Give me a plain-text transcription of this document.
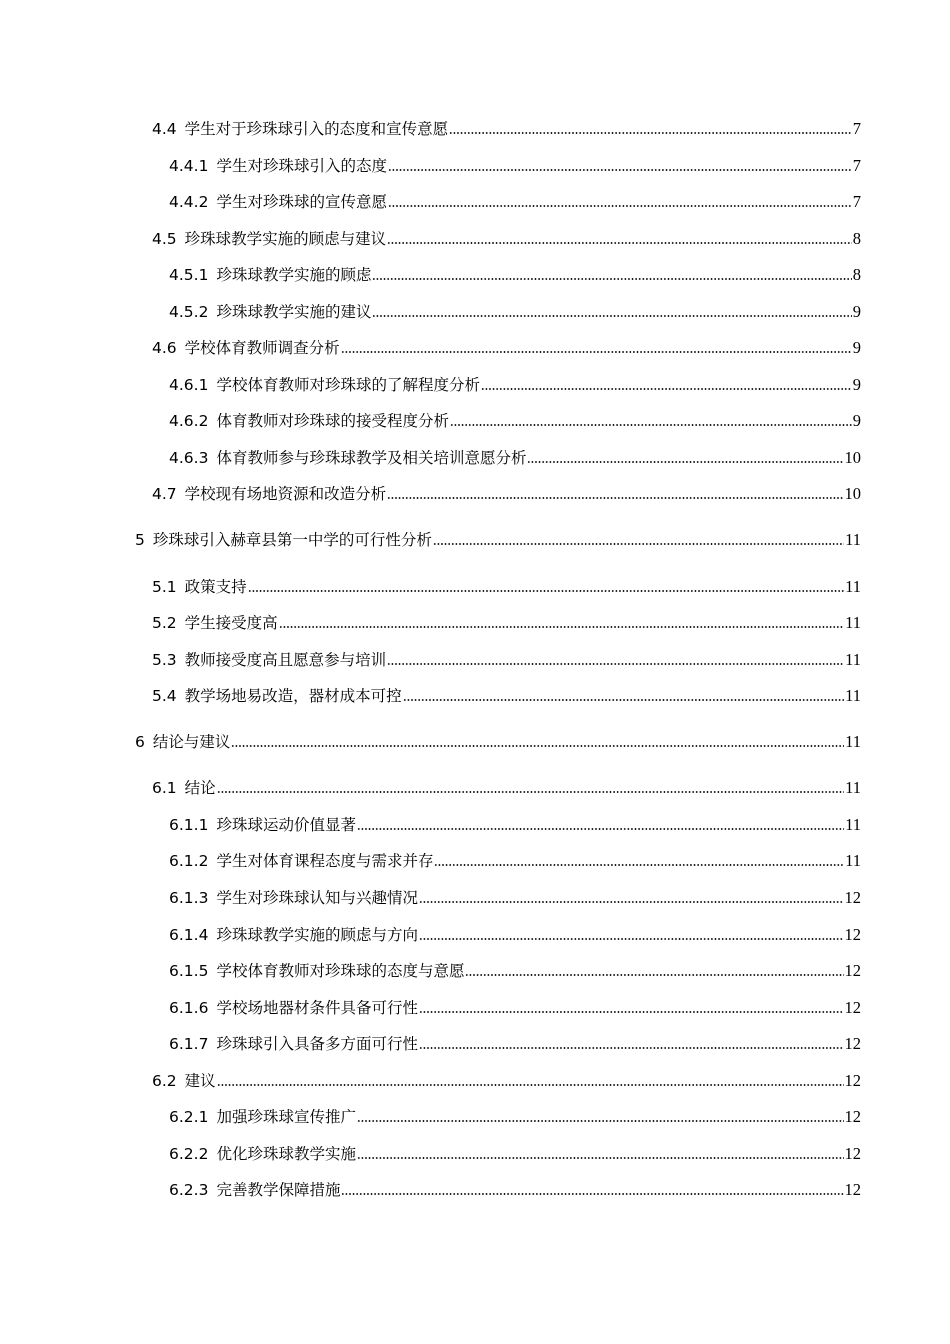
4.4 学生对于珍珠球引入的态度和宣传意愿	7
4.4.1 学生对珍珠球引入的态度	7
4.4.2 学生对珍珠球的宣传意愿	7
4.5 珍珠球教学实施的顾虑与建议	8
4.5.1 珍珠球教学实施的顾虑	8
4.5.2 珍珠球教学实施的建议	9
4.6 学校体育教师调查分析	9
4.6.1 学校体育教师对珍珠球的了解程度分析	9
4.6.2 体育教师对珍珠球的接受程度分析	9
4.6.3 体育教师参与珍珠球教学及相关培训意愿分析	10
4.7 学校现有场地资源和改造分析	10
5 珍珠球引入赫章县第一中学的可行性分析	11
5.1 政策支持	11
5.2 学生接受度高	11
5.3 教师接受度高且愿意参与培训	11
5.4 教学场地易改造，器材成本可控	11
6 结论与建议	11
6.1 结论	11
6.1.1 珍珠球运动价值显著	11
6.1.2 学生对体育课程态度与需求并存	11
6.1.3 学生对珍珠球认知与兴趣情况	12
6.1.4 珍珠球教学实施的顾虑与方向	12
6.1.5 学校体育教师对珍珠球的态度与意愿	12
6.1.6 学校场地器材条件具备可行性	12
6.1.7 珍珠球引入具备多方面可行性	12
6.2 建议	12
6.2.1 加强珍珠球宣传推广	12
6.2.2 优化珍珠球教学实施	12
6.2.3 完善教学保障措施	12
